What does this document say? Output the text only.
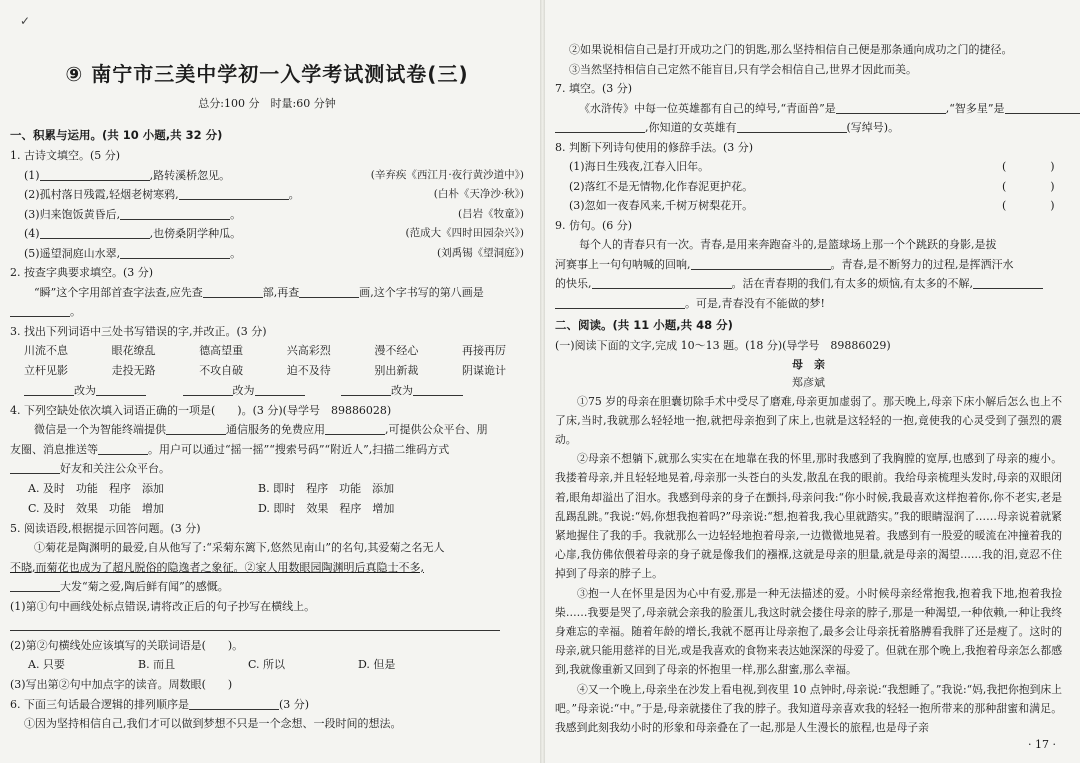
✓
⑨ 南宁市三美中学初一入学考试测试卷(三)
总分:100 分　时量:60 分钟
一、积累与运用。(共 10 小题,共 32 分)
1. 古诗文填空。(5 分)
(1)	,路转溪桥忽见。	(辛弃疾《西江月·夜行黄沙道中》)
(2)孤村落日残霞,轻烟老树寒鸦,	。	(白朴《天净沙·秋》)
(3)归来饱饭黄昏后,	。	(吕岩《牧童》)
(4)	,也傍桑阴学种瓜。	(范成大《四时田园杂兴》)
(5)遥望洞庭山水翠,	。	(刘禹锡《望洞庭》)
2. 按查字典要求填空。(3 分)
“瞬”这个字用部首查字法查,应先查	部,再查	画,这个字书写的第八画是
。
3. 找出下列词语中三处书写错误的字,并改正。(3 分)
川流不息	眼花缭乱	德高望重	兴高彩烈	漫不经心	再接再厉
立杆见影	走投无路	不攻自破	迫不及待	别出新裁	阴谋诡计
改为　　　	改为　　　	改为
4. 下列空缺处依次填入词语正确的一项是(　　)。(3 分)(导学号　89886028)
微信是一个为智能终端提供	通信服务的免费应用	,可提供公众平台、朋
友圈、消息推送等	。用户可以通过“摇一摇”“搜索号码”“附近人”,扫描二维码方式
好友和关注公众平台。
A. 及时　 功能　 程序　 添加	B. 即时　 程序　 功能　 添加
C. 及时　 效果　 功能　 增加	D. 即时　 效果　 程序　 增加
5. 阅读语段,根据提示回答问题。(3 分)
①菊花是陶渊明的最爱,自从他写了:“采菊东篱下,悠然见南山”的名句,其爱菊之名无人
不晓,而菊花也成为了超凡脱俗的隐逸者之象征。②家人用数眼园陶渊明后真隐士不多,
大发“菊之爱,陶后鲜有闻”的感慨。
(1)第①句中画线处标点错误,请将改正后的句子抄写在横线上。
(2)第②句横线处应该填写的关联词语是(　　)。
A. 只要	B. 而且	C. 所以	D. 但是
(3)写出第②句中加点字的读音。周数眼(　　)
6. 下面三句话最合逻辑的排列顺序是	(3 分)
①因为坚持相信自己,我们才可以做到梦想不只是一个念想、一段时间的想法。
②如果说相信自己是打开成功之门的钥匙,那么坚持相信自己便是那条通向成功之门的捷径。
③当然坚持相信自己定然不能盲目,只有学会相信自己,世界才因此而美。
7. 填空。(3 分)
《水浒传》中每一位英雄都有自己的绰号,“青面兽”是	,“智多星”是
,你知道的女英雄有	(写绰号)。
8. 判断下列诗句使用的修辞手法。(3 分)
(1)海日生残夜,江春入旧年。	(　　　　)
(2)落红不是无情物,化作春泥更护花。	(　　　　)
(3)忽如一夜春风来,千树万树梨花开。	(　　　　)
9. 仿句。(6 分)
每个人的青春只有一次。青春,是用来奔跑奋斗的,是篮球场上那一个个跳跃的身影,是拔
河赛事上一句句呐喊的回响,	。青春,是不断努力的过程,是挥洒汗水
的快乐,	。活在青春期的我们,有太多的烦恼,有太多的不解,
。可是,青春没有不能做的梦!
二、阅读。(共 11 小题,共 48 分)
(一)阅读下面的文字,完成 10～13 题。(18 分)(导学号　89886029)
母　亲
郑彦斌

①75 岁的母亲在胆囊切除手术中受尽了磨难,母亲更加虚弱了。那天晚上,母亲下床小解后怎么也上不了床,当时,我就那么轻轻地一抱,就把母亲抱到了床上,也就是这轻轻的一抱,竟使我的心灵受到了强烈的震动。

②母亲不想躺下,就那么实实在在地靠在我的怀里,那时我感到了我胸膛的宽厚,也感到了母亲的瘦小。我搂着母亲,并且轻轻地晃着,母亲那一头苍白的头发,散乱在我的眼前。我给母亲梳理头发时,母亲的双眼闭着,眼角却溢出了泪水。我感到母亲的身子在颤抖,母亲问我:“你小时候,我最喜欢这样抱着你,你不老实,老是乱踢乱跳。”我说:“妈,你想我抱着吗?”母亲说:“想,抱着我,我心里就踏实。”我的眼睛湿润了……母亲说着就紧紧地握住了我的手。我就那么一边轻轻地抱着母亲,一边微微地晃着。我感到有一股爱的暖流在冲撞着我的心扉,我仿佛依偎着母亲的身子就是像我们的襁褓,这就是母亲的胆量,就是母亲的渴望……我的泪,竟忍不住掉到了母亲的脖子上。

③抱一人在怀里是因为心中有爱,那是一种无法描述的爱。小时候母亲经常抱我,抱着我下地,抱着我捡柴……我要是哭了,母亲就会亲我的脸蛋儿,我这时就会搂住母亲的脖子,那是一种渴望,一种依赖,一种让我终身难忘的幸福。随着年龄的增长,我就不愿再让母亲抱了,最多会让母亲抚着胳膊看我胖了还是瘦了。这时的母亲,就只能用慈祥的目光,或是我喜欢的食物来表达她深深的母爱了。但就在那个晚上,我抱着母亲怎么都感到,我就像重新又回到了母亲的怀抱里一样,那么甜蜜,那么幸福。

④又一个晚上,母亲坐在沙发上看电视,到夜里 10 点钟时,母亲说:“我想睡了。”我说:“妈,我把你抱到床上吧。”母亲说:“中。”于是,母亲就搂住了我的脖子。我知道母亲喜欢我的轻轻一抱所带来的那种甜蜜和满足。我感到此刻我幼小时的形象和母亲叠在了一起,那是人生漫长的旅程,也是母子亲

· 17 ·
